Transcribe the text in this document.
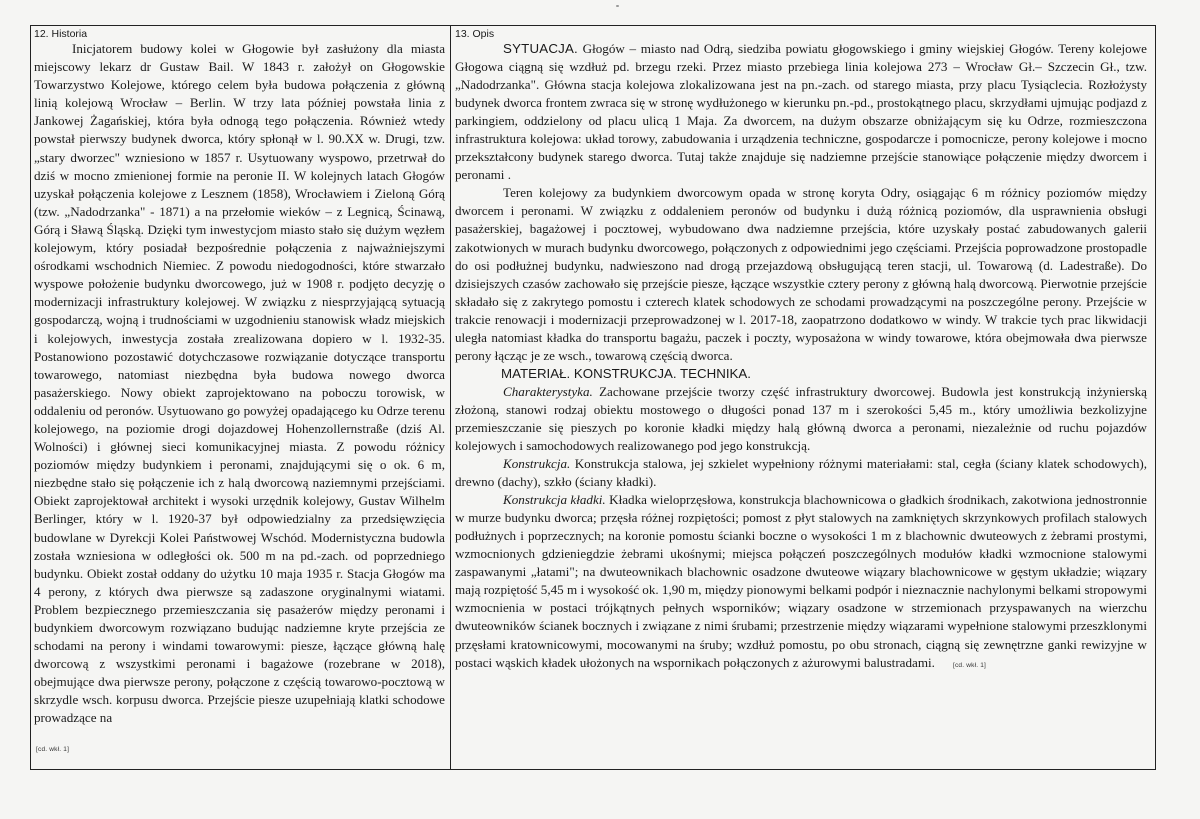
12. Historia

Inicjatorem budowy kolei w Głogowie był zasłużony dla miasta miejscowy lekarz dr Gustaw Bail. W 1843 r. założył on Głogowskie Towarzystwo Kolejowe, którego celem była budowa połączenia z główną linią kolejową Wrocław – Berlin. W trzy lata później powstała linia z Jankowej Żagańskiej, która była odnogą tego połączenia. Również wtedy powstał pierwszy budynek dworca, który spłonął w l. 90.XX w. Drugi, tzw. „stary dworzec" wzniesiono w 1857 r. Usytuowany wyspowo, przetrwał do dziś w mocno zmienionej formie na peronie II. W kolejnych latach Głogów uzyskał połączenia kolejowe z Lesznem (1858), Wrocławiem i Zieloną Górą (tzw. „Nadodrzanka" - 1871) a na przełomie wieków – z Legnicą, Ścinawą, Górą i Sławą Śląską. Dzięki tym inwestycjom miasto stało się dużym węzłem kolejowym, który posiadał bezpośrednie połączenia z najważniejszymi ośrodkami wschodnich Niemiec. Z powodu niedogodności, które stwarzało wyspowe położenie budynku dworcowego, już w 1908 r. podjęto decyzję o modernizacji infrastruktury kolejowej. W związku z niesprzyjającą sytuacją gospodarczą, wojną i trudnościami w uzgodnieniu stanowisk władz miejskich i kolejowych, inwestycja została zrealizowana dopiero w l. 1932-35. Postanowiono pozostawić dotychczasowe rozwiązanie dotyczące transportu towarowego, natomiast niezbędna była budowa nowego dworca pasażerskiego. Nowy obiekt zaprojektowano na poboczu torowisk, w oddaleniu od peronów. Usytuowano go powyżej opadającego ku Odrze terenu kolejowego, na poziomie drogi dojazdowej Hohenzollernstraße (dziś Al. Wolności) i głównej sieci komunikacyjnej miasta. Z powodu różnicy poziomów między budynkiem i peronami, znajdującymi się o ok. 6 m, niezbędne stało się połączenie ich z halą dworcową naziemnymi przejściami. Obiekt zaprojektował architekt i wysoki urzędnik kolejowy, Gustav Wilhelm Berlinger, który w l. 1920-37 był odpowiedzialny za przedsięwzięcia budowlane w Dyrekcji Kolei Państwowej Wschód. Modernistyczna budowla została wzniesiona w odległości ok. 500 m na pd.-zach. od poprzedniego budynku. Obiekt został oddany do użytku 10 maja 1935 r. Stacja Głogów ma 4 perony, z których dwa pierwsze są zadaszone oryginalnymi wiatami. Problem bezpiecznego przemieszczania się pasażerów między peronami i budynkiem dworcowym rozwiązano budując nadziemne kryte przejścia ze schodami na perony i windami towarowymi: piesze, łączące główną halę dworcową z wszystkimi peronami i bagażowe (rozebrane w 2018), obejmujące dwa pierwsze perony, połączone z częścią towarowo-pocztową w skrzydle wsch. korpusu dworca. Przejście piesze uzupełniają klatki schodowe prowadzące na

[cd. wkł. 1]
13. Opis

SYTUACJA. Głogów – miasto nad Odrą, siedziba powiatu głogowskiego i gminy wiejskiej Głogów. Tereny kolejowe Głogowa ciągną się wzdłuż pd. brzegu rzeki. Przez miasto przebiega linia kolejowa 273 – Wrocław Gł.– Szczecin Gł., tzw. „Nadodrzanka". Główna stacja kolejowa zlokalizowana jest na pn.-zach. od starego miasta, przy placu Tysiąclecia. Rozłożysty budynek dworca frontem zwraca się w stronę wydłużonego w kierunku pn.-pd., prostokątnego placu, skrzydłami ujmując podjazd z parkingiem, oddzielony od placu ulicą 1 Maja. Za dworcem, na dużym obszarze obniżającym się ku Odrze, rozmieszczona infrastruktura kolejowa: układ torowy, zabudowania i urządzenia techniczne, gospodarcze i pomocnicze, perony kolejowe i mocno przekształcony budynek starego dworca. Tutaj także znajduje się nadziemne przejście stanowiące połączenie między dworcem i peronami .

Teren kolejowy za budynkiem dworcowym opada w stronę koryta Odry, osiągając 6 m różnicy poziomów między dworcem i peronami. W związku z oddaleniem peronów od budynku i dużą różnicą poziomów, dla usprawnienia obsługi pasażerskiej, bagażowej i pocztowej, wybudowano dwa nadziemne przejścia, które uzyskały postać zabudowanych galerii zakotwionych w murach budynku dworcowego, połączonych z odpowiednimi jego częściami. Przejścia poprowadzone prostopadle do osi podłużnej budynku, nadwieszono nad drogą przejazdową obsługującą teren stacji, ul. Towarową (d. Ladestraße). Do dzisiejszych czasów zachowało się przejście piesze, łączące wszystkie cztery perony z główną halą dworcową. Pierwotnie przejście składało się z zakrytego pomostu i czterech klatek schodowych ze schodami prowadzącymi na poszczególne perony. Przejście w trakcie renowacji i modernizacji przeprowadzonej w l. 2017-18, zaopatrzono dodatkowo w windy. W trakcie tych prac likwidacji uległa natomiast kładka do transportu bagażu, paczek i poczty, wyposażona w windy towarowe, która obejmowała dwa pierwsze perony łącząc je ze wsch., towarową częścią dworca.

MATERIAŁ. KONSTRUKCJA. TECHNIKA.

Charakterystyka. Zachowane przejście tworzy część infrastruktury dworcowej. Budowla jest konstrukcją inżynierską złożoną, stanowi rodzaj obiektu mostowego o długości ponad 137 m i szerokości 5,45 m., który umożliwia bezkolizyjne przemieszczanie się pieszych po koronie kładki między halą główną dworca a peronami, niezależnie od ruchu pojazdów kolejowych i samochodowych realizowanego pod jego konstrukcją.

Konstrukcja. Konstrukcja stalowa, jej szkielet wypełniony różnymi materiałami: stal, cegła (ściany klatek schodowych), drewno (dachy), szkło (ściany kładki).

Konstrukcja kładki. Kładka wieloprzęsłowa, konstrukcja blachownicowa o gładkich środnikach, zakotwiona jednostronnie w murze budynku dworca; przęsła różnej rozpiętości; pomost z płyt stalowych na zamkniętych skrzynkowych profilach stalowych podłużnych i poprzecznych; na koronie pomostu ścianki boczne o wysokości 1 m z blachownic dwuteowych z żebrami prostymi, wzmocnionych gdzieniegdzie żebrami ukośnymi; miejsca połączeń poszczególnych modułów kładki wzmocnione stalowymi zaspawanymi „łatami"; na dwuteownikach blachownic osadzone dwuteowe wiązary blachownicowe w gęstym układzie; wiązary mają rozpiętość 5,45 m i wysokość ok. 1,90 m, między pionowymi belkami podpór i nieznacznie nachylonymi belkami stropowymi wzmocnienia w postaci trójkątnych pełnych wsporników; wiązary osadzone w strzemionach przyspawanych na wierzchu dwuteowników ścianek bocznych i związane z nimi śrubami; przestrzenie między wiązarami wypełnione stalowymi przeszklonymi przęsłami kratownicowymi, mocowanymi na śruby; wzdłuż pomostu, po obu stronach, ciągną się zewnętrzne ganki rewizyjne w postaci wąskich kładek ułożonych na wspornikach połączonych z ażurowymi balustradami.	[cd. wkł. 1]
